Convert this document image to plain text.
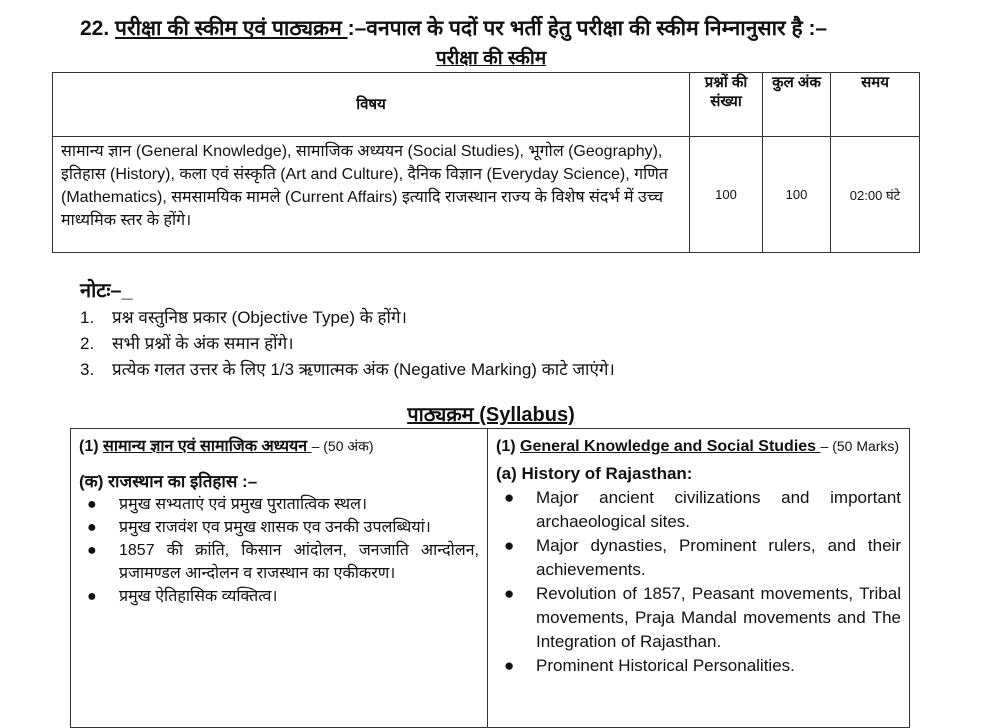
22. परीक्षा की स्कीम एवं पाठ्यक्रम :–वनपाल के पदों पर भर्ती हेतु परीक्षा की स्कीम निम्नानुसार है :–
परीक्षा की स्कीम
विषय	प्रश्नों की संख्या	कुल अंक	समय
सामान्य ज्ञान (General Knowledge), सामाजिक अध्ययन (Social Studies), भूगोल (Geography), इतिहास (History), कला एवं संस्कृति (Art and Culture), दैनिक विज्ञान (Everyday Science), गणित (Mathematics), समसामयिक मामले (Current Affairs) इत्यादि राजस्थान राज्य के विशेष संदर्भ में उच्च माध्यमिक स्तर के होंगे।	100	100	02:00 घंटे
नोटः–_
1. प्रश्न वस्तुनिष्ठ प्रकार (Objective Type) के होंगे।
2. सभी प्रश्नों के अंक समान होंगे।
3. प्रत्येक गलत उत्तर के लिए 1/3 ऋणात्मक अंक (Negative Marking) काटे जाएंगे।
पाठ्यक्रम (Syllabus)
(1) सामान्य ज्ञान एवं सामाजिक अध्ययन – (50 अंक)
(क) राजस्थान का इतिहास :–
●	प्रमुख सभ्यताएं एवं प्रमुख पुरातात्विक स्थल।
●	प्रमुख राजवंश एव प्रमुख शासक एव उनकी उपलब्धियां।
●	1857 की क्रांति, किसान आंदोलन, जनजाति आन्दोलन, प्रजामण्डल आन्दोलन व राजस्थान का एकीकरण।
●	प्रमुख ऐतिहासिक व्यक्तित्व।
(1) General Knowledge and Social Studies – (50 Marks)
(a) History of Rajasthan:
●	Major ancient civilizations and important archaeological sites.
●	Major dynasties, Prominent rulers, and their achievements.
●	Revolution of 1857, Peasant movements, Tribal movements, Praja Mandal movements and The Integration of Rajasthan.
●	Prominent Historical Personalities.
